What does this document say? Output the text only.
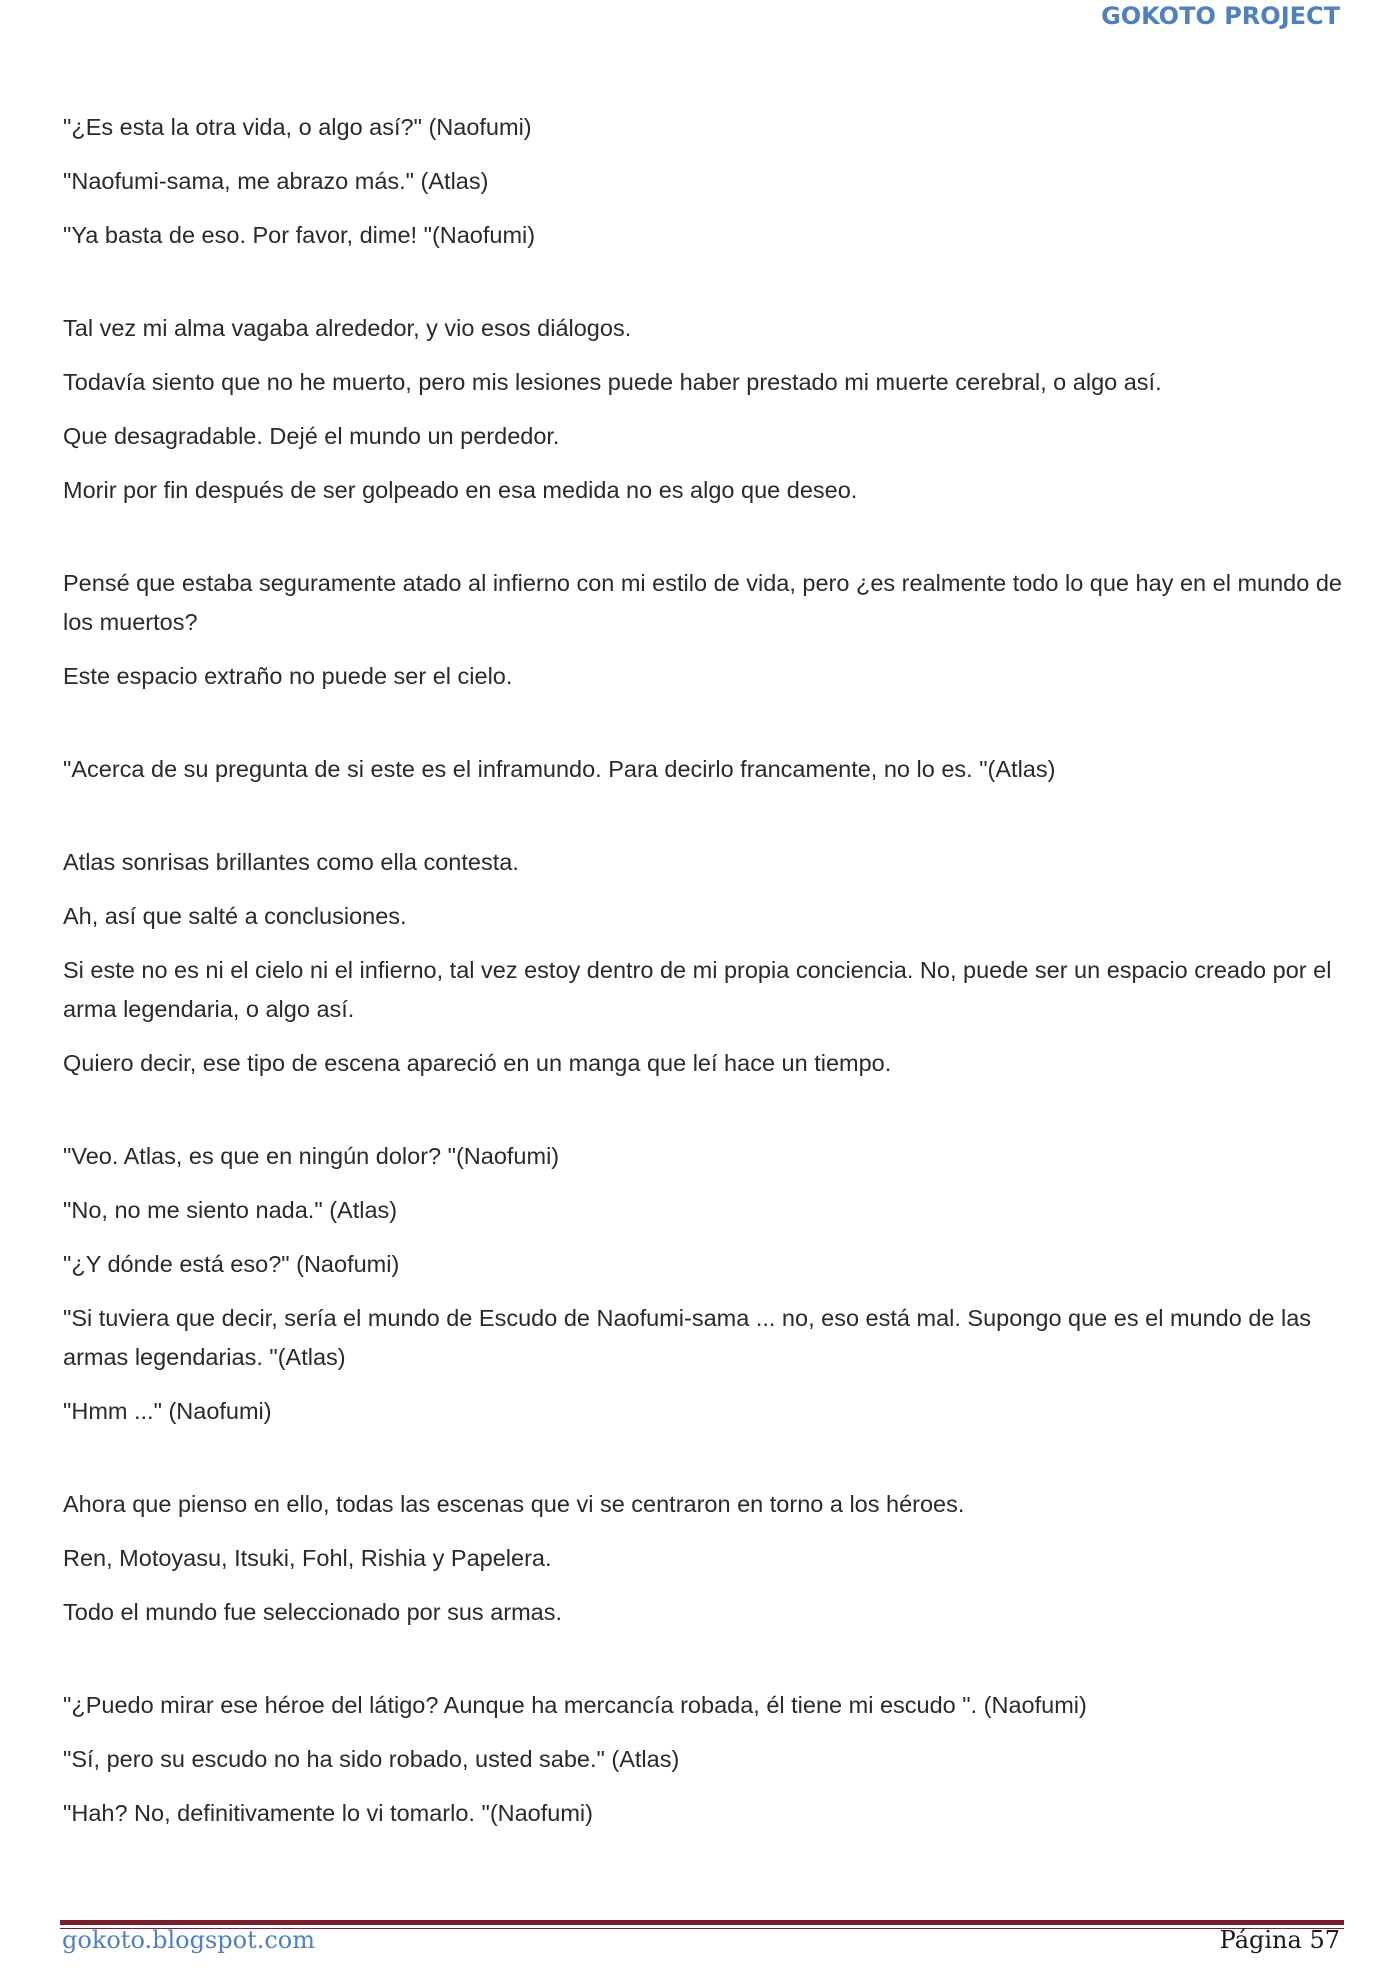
GOKOTO PROJECT

"¿Es esta la otra vida, o algo así?" (Naofumi)

"Naofumi-sama, me abrazo más." (Atlas)

"Ya basta de eso. Por favor, dime! "(Naofumi)

Tal vez mi alma vagaba alrededor, y vio esos diálogos.

Todavía siento que no he muerto, pero mis lesiones puede haber prestado mi muerte cerebral, o algo así.

Que desagradable. Dejé el mundo un perdedor.

Morir por fin después de ser golpeado en esa medida no es algo que deseo.

Pensé que estaba seguramente atado al infierno con mi estilo de vida, pero ¿es realmente todo lo que hay en el mundo de los muertos?

Este espacio extraño no puede ser el cielo.

"Acerca de su pregunta de si este es el inframundo. Para decirlo francamente, no lo es. "(Atlas)

Atlas sonrisas brillantes como ella contesta.

Ah, así que salté a conclusiones.

Si este no es ni el cielo ni el infierno, tal vez estoy dentro de mi propia conciencia. No, puede ser un espacio creado por el arma legendaria, o algo así.

Quiero decir, ese tipo de escena apareció en un manga que leí hace un tiempo.

"Veo. Atlas, es que en ningún dolor? "(Naofumi)

"No, no me siento nada." (Atlas)

"¿Y dónde está eso?" (Naofumi)

"Si tuviera que decir, sería el mundo de Escudo de Naofumi-sama ... no, eso está mal. Supongo que es el mundo de las armas legendarias. "(Atlas)

"Hmm ..." (Naofumi)

Ahora que pienso en ello, todas las escenas que vi se centraron en torno a los héroes.

Ren, Motoyasu, Itsuki, Fohl, Rishia y Papelera.

Todo el mundo fue seleccionado por sus armas.

"¿Puedo mirar ese héroe del látigo? Aunque ha mercancía robada, él tiene mi escudo ". (Naofumi)

"Sí, pero su escudo no ha sido robado, usted sabe." (Atlas)

"Hah? No, definitivamente lo vi tomarlo. "(Naofumi)

gokoto.blogspot.com	Página 57
